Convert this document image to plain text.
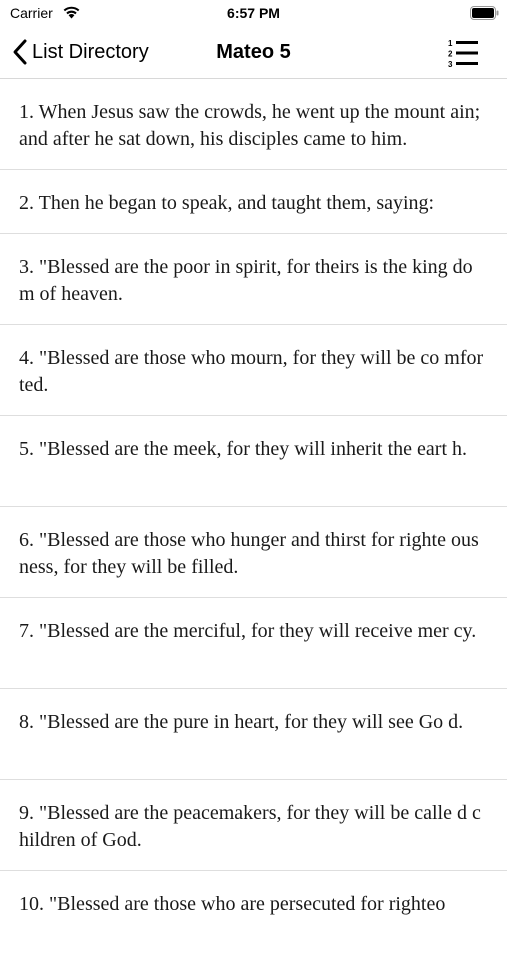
Carrier	6:57 PM
List Directory	Mateo 5	1
2
3
1. When Jesus saw the crowds, he went up the mount ain; and after he sat down, his disciples came to him.
2. Then he began to speak, and taught them, saying:
3. "Blessed are the poor in spirit, for theirs is the king dom of heaven.
4. "Blessed are those who mourn, for they will be co mforted.
5. "Blessed are the meek, for they will inherit the eart h.
6. "Blessed are those who hunger and thirst for righte ousness, for they will be filled.
7. "Blessed are the merciful, for they will receive mer cy.
8. "Blessed are the pure in heart, for they will see Go d.
9. "Blessed are the peacemakers, for they will be calle d children of God.
10. "Blessed are those who are persecuted for righteo
